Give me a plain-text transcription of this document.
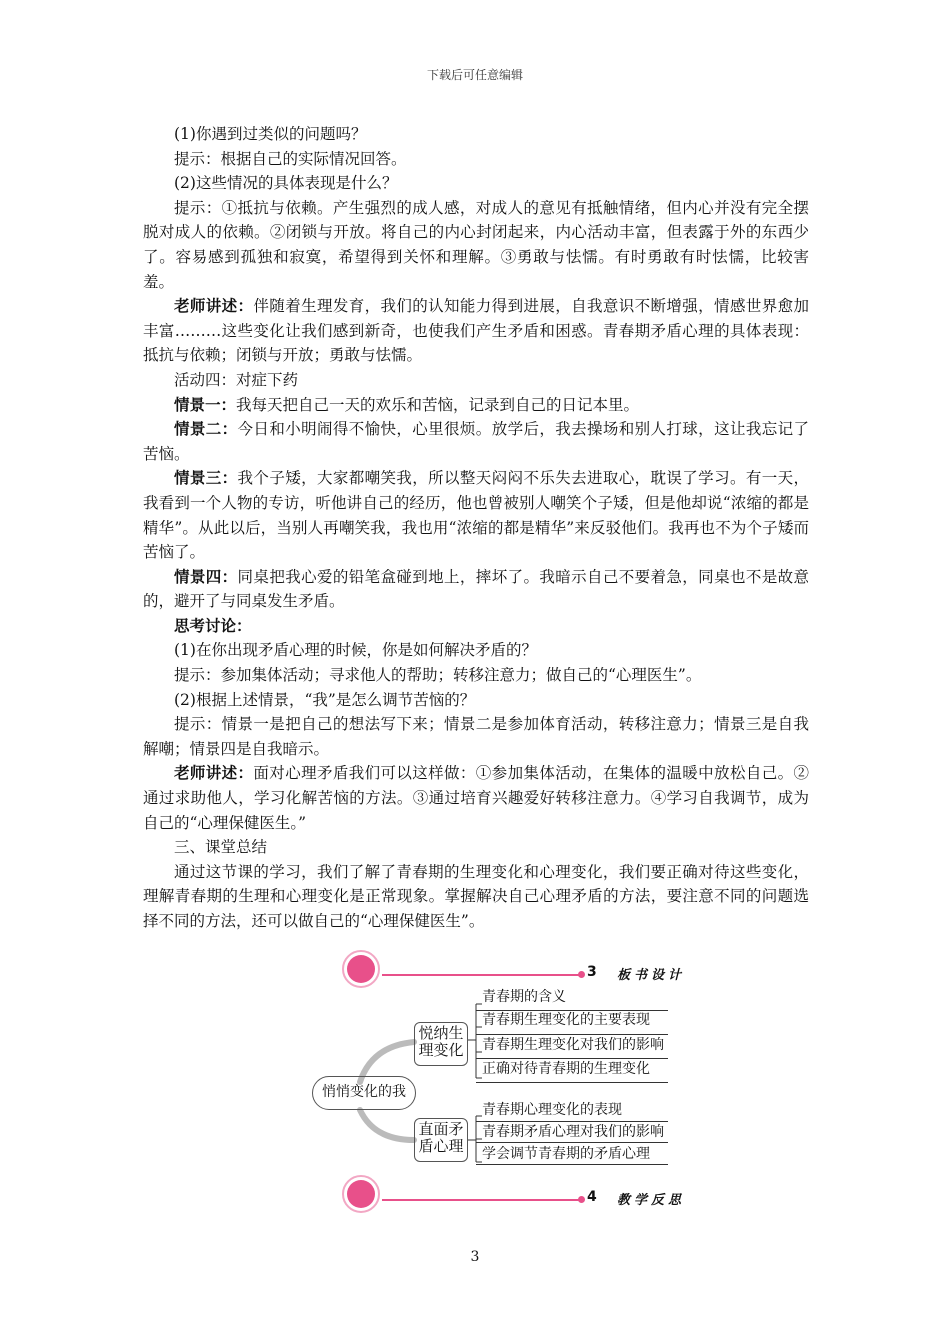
下载后可任意编辑

(1)你遇到过类似的问题吗？

提示：根据自己的实际情况回答。

(2)这些情况的具体表现是什么？

提示：①抵抗与依赖。产生强烈的成人感，对成人的意见有抵触情绪，但内心并没有完全摆脱对成人的依赖。②闭锁与开放。将自己的内心封闭起来，内心活动丰富，但表露于外的东西少了。容易感到孤独和寂寞，希望得到关怀和理解。③勇敢与怯懦。有时勇敢有时怯懦，比较害羞。

老师讲述：伴随着生理发育，我们的认知能力得到进展，自我意识不断增强，情感世界愈加丰富………这些变化让我们感到新奇，也使我们产生矛盾和困惑。青春期矛盾心理的具体表现：抵抗与依赖；闭锁与开放；勇敢与怯懦。

活动四：对症下药

情景一：我每天把自己一天的欢乐和苦恼，记录到自己的日记本里。

情景二：今日和小明闹得不愉快，心里很烦。放学后，我去操场和别人打球，这让我忘记了苦恼。

情景三：我个子矮，大家都嘲笑我，所以整天闷闷不乐失去进取心，耽误了学习。有一天，我看到一个人物的专访，听他讲自己的经历，他也曾被别人嘲笑个子矮，但是他却说“浓缩的都是精华”。从此以后，当别人再嘲笑我，我也用“浓缩的都是精华”来反驳他们。我再也不为个子矮而苦恼了。

情景四：同桌把我心爱的铅笔盒碰到地上，摔坏了。我暗示自己不要着急，同桌也不是故意的，避开了与同桌发生矛盾。

思考讨论：

(1)在你出现矛盾心理的时候，你是如何解决矛盾的？

提示：参加集体活动；寻求他人的帮助；转移注意力；做自己的“心理医生”。

(2)根据上述情景，“我”是怎么调节苦恼的？

提示：情景一是把自己的想法写下来；情景二是参加体育活动，转移注意力；情景三是自我解嘲；情景四是自我暗示。

老师讲述：面对心理矛盾我们可以这样做：①参加集体活动，在集体的温暖中放松自己。②通过求助他人，学习化解苦恼的方法。③通过培育兴趣爱好转移注意力。④学习自我调节，成为自己的“心理保健医生。”

三、课堂总结

通过这节课的学习，我们了解了青春期的生理变化和心理变化，我们要正确对待这些变化，理解青春期的生理和心理变化是正常现象。掌握解决自己心理矛盾的方法，要注意不同的问题选择不同的方法，还可以做自己的“心理保健医生”。

3 板书设计
悄悄变化的我
悦纳生理变化
直面矛盾心理
青春期的含义
青春期生理变化的主要表现
青春期生理变化对我们的影响
正确对待青春期的生理变化
青春期心理变化的表现
青春期矛盾心理对我们的影响
学会调节青春期的矛盾心理
4 教学反思
3
